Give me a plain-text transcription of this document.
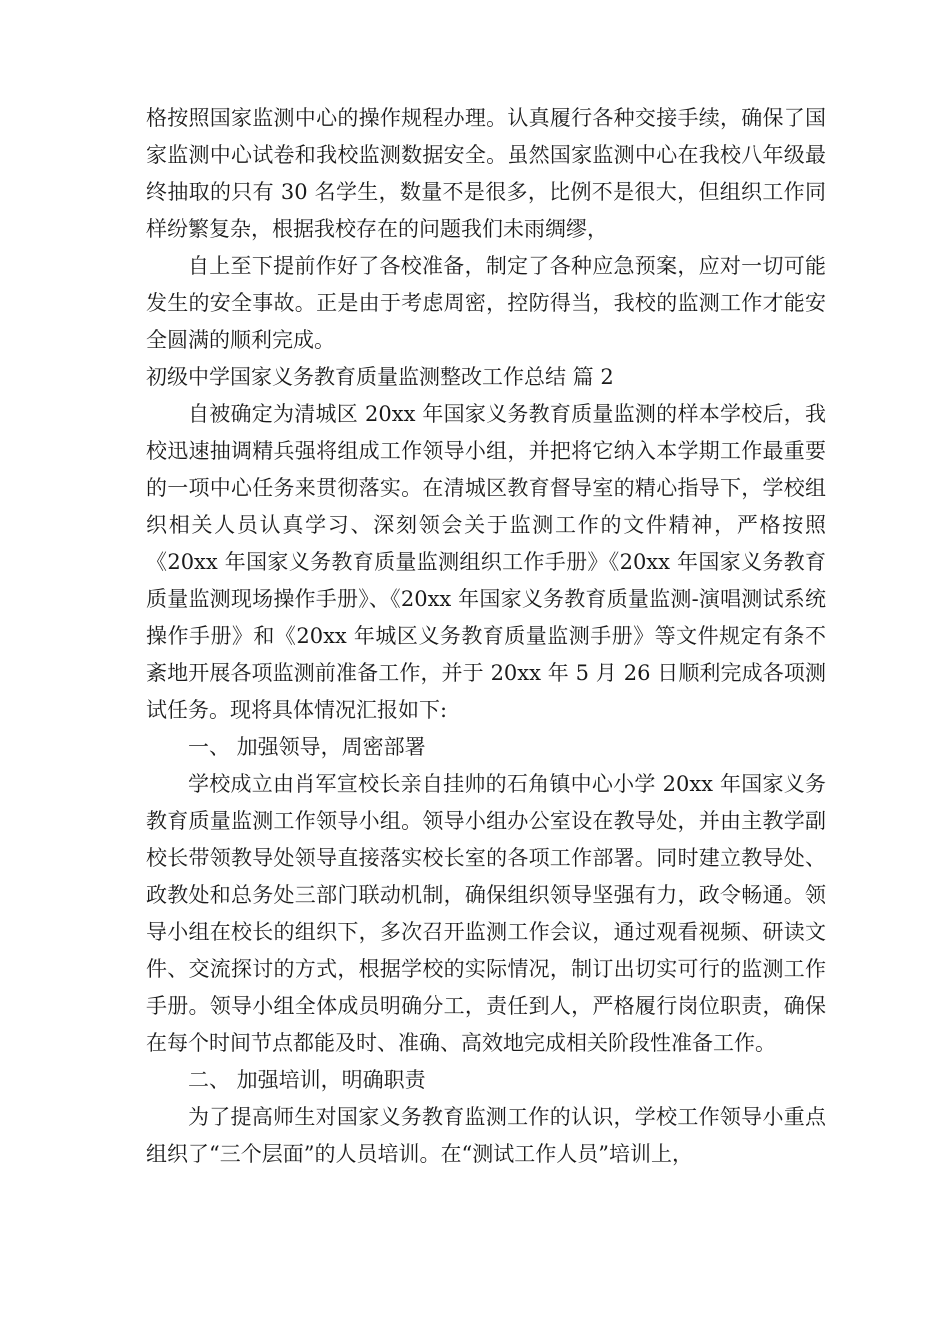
格按照国家监测中心的操作规程办理。认真履行各种交接手续，确保了国家监测中心试卷和我校监测数据安全。虽然国家监测中心在我校八年级最终抽取的只有 30 名学生，数量不是很多，比例不是很大，但组织工作同样纷繁复杂，根据我校存在的问题我们未雨绸缪，

自上至下提前作好了各校准备，制定了各种应急预案，应对一切可能发生的安全事故。正是由于考虑周密，控防得当，我校的监测工作才能安全圆满的顺利完成。

初级中学国家义务教育质量监测整改工作总结 篇 2

自被确定为清城区 20xx 年国家义务教育质量监测的样本学校后，我校迅速抽调精兵强将组成工作领导小组，并把将它纳入本学期工作最重要的一项中心任务来贯彻落实。在清城区教育督导室的精心指导下，学校组织相关人员认真学习、深刻领会关于监测工作的文件精神，严格按照《20xx 年国家义务教育质量监测组织工作手册》《20xx 年国家义务教育质量监测现场操作手册》、《20xx 年国家义务教育质量监测-演唱测试系统操作手册》和《20xx 年城区义务教育质量监测手册》等文件规定有条不紊地开展各项监测前准备工作，并于 20xx 年 5 月 26 日顺利完成各项测试任务。现将具体情况汇报如下:

一、 加强领导，周密部署

学校成立由肖军宣校长亲自挂帅的石角镇中心小学 20xx 年国家义务教育质量监测工作领导小组。领导小组办公室设在教导处，并由主教学副校长带领教导处领导直接落实校长室的各项工作部署。同时建立教导处、政教处和总务处三部门联动机制，确保组织领导坚强有力，政令畅通。领导小组在校长的组织下，多次召开监测工作会议，通过观看视频、研读文件、交流探讨的方式，根据学校的实际情况，制订出切实可行的监测工作手册。领导小组全体成员明确分工，责任到人，严格履行岗位职责，确保在每个时间节点都能及时、准确、高效地完成相关阶段性准备工作。

二、 加强培训，明确职责

为了提高师生对国家义务教育监测工作的认识，学校工作领导小重点组织了“三个层面”的人员培训。在“测试工作人员”培训上，
